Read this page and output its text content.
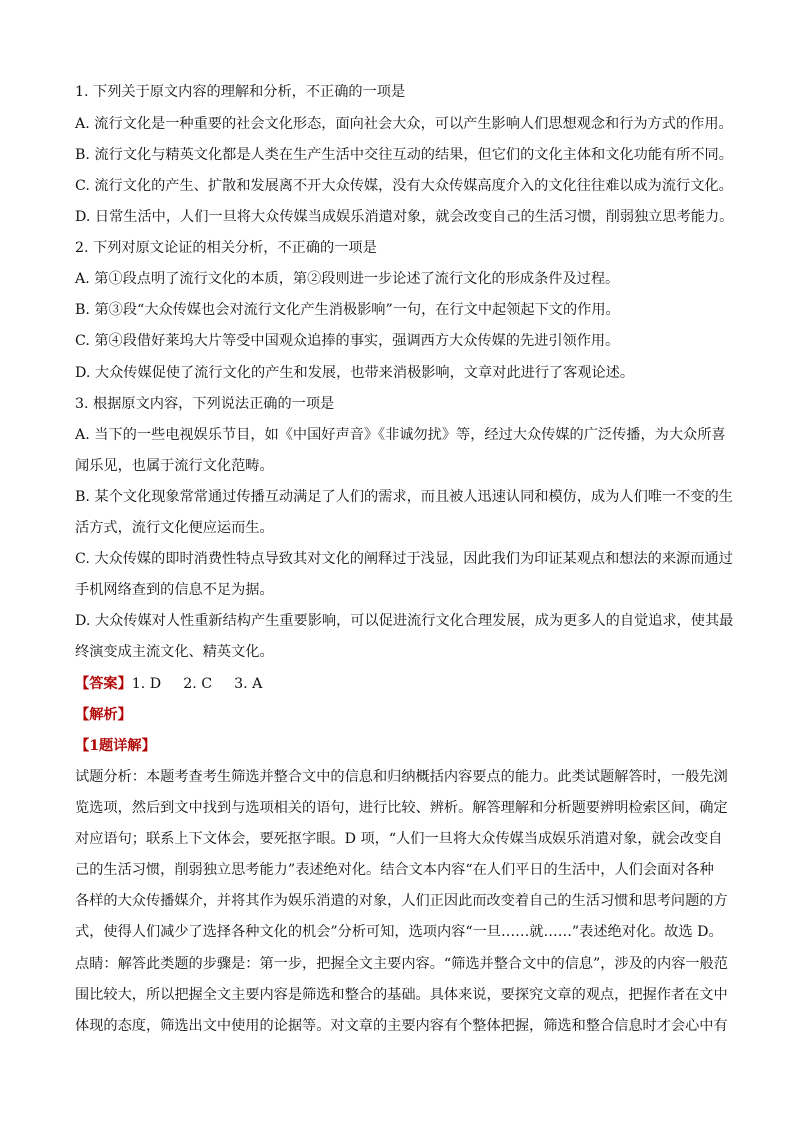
1. 下列关于原文内容的理解和分析，不正确的一项是

A. 流行文化是一种重要的社会文化形态，面向社会大众，可以产生影响人们思想观念和行为方式的作用。

B. 流行文化与精英文化都是人类在生产生活中交往互动的结果，但它们的文化主体和文化功能有所不同。

C. 流行文化的产生、扩散和发展离不开大众传媒，没有大众传媒高度介入的文化往往难以成为流行文化。

D. 日常生活中，人们一旦将大众传媒当成娱乐消遣对象，就会改变自己的生活习惯，削弱独立思考能力。

2. 下列对原文论证的相关分析，不正确的一项是

A. 第①段点明了流行文化的本质，第②段则进一步论述了流行文化的形成条件及过程。

B. 第③段“大众传媒也会对流行文化产生消极影响”一句，在行文中起领起下文的作用。

C. 第④段借好莱坞大片等受中国观众追捧的事实，强调西方大众传媒的先进引领作用。

D. 大众传媒促使了流行文化的产生和发展，也带来消极影响，文章对此进行了客观论述。

3. 根据原文内容，下列说法正确的一项是

A. 当下的一些电视娱乐节目，如《中国好声音》《非诚勿扰》等，经过大众传媒的广泛传播，为大众所喜

闻乐见，也属于流行文化范畴。

B. 某个文化现象常常通过传播互动满足了人们的需求，而且被人迅速认同和模仿，成为人们唯一不变的生

活方式，流行文化便应运而生。

C. 大众传媒的即时消费性特点导致其对文化的阐释过于浅显，因此我们为印证某观点和想法的来源而通过

手机网络查到的信息不足为据。

D. 大众传媒对人性重新结构产生重要影响，可以促进流行文化合理发展，成为更多人的自觉追求，使其最

终演变成主流文化、精英文化。

【答案】1. D 2. C 3. A

【解析】

【1题详解】

试题分析：本题考查考生筛选并整合文中的信息和归纳概括内容要点的能力。此类试题解答时，一般先浏

览选项，然后到文中找到与选项相关的语句，进行比较、辨析。解答理解和分析题要辨明检索区间，确定

对应语句；联系上下文体会，要死抠字眼。D 项，“人们一旦将大众传媒当成娱乐消遣对象，就会改变自

己的生活习惯，削弱独立思考能力”表述绝对化。结合文本内容“在人们平日的生活中，人们会面对各种

各样的大众传播媒介，并将其作为娱乐消遣的对象，人们正因此而改变着自己的生活习惯和思考问题的方

式，使得人们减少了选择各种文化的机会”分析可知，选项内容“一旦……就……”表述绝对化。故选 D。

点睛：解答此类题的步骤是：第一步，把握全文主要内容。“筛选并整合文中的信息”，涉及的内容一般范

围比较大，所以把握全文主要内容是筛选和整合的基础。具体来说，要探究文章的观点，把握作者在文中

体现的态度，筛选出文中使用的论据等。对文章的主要内容有个整体把握，筛选和整合信息时才会心中有
